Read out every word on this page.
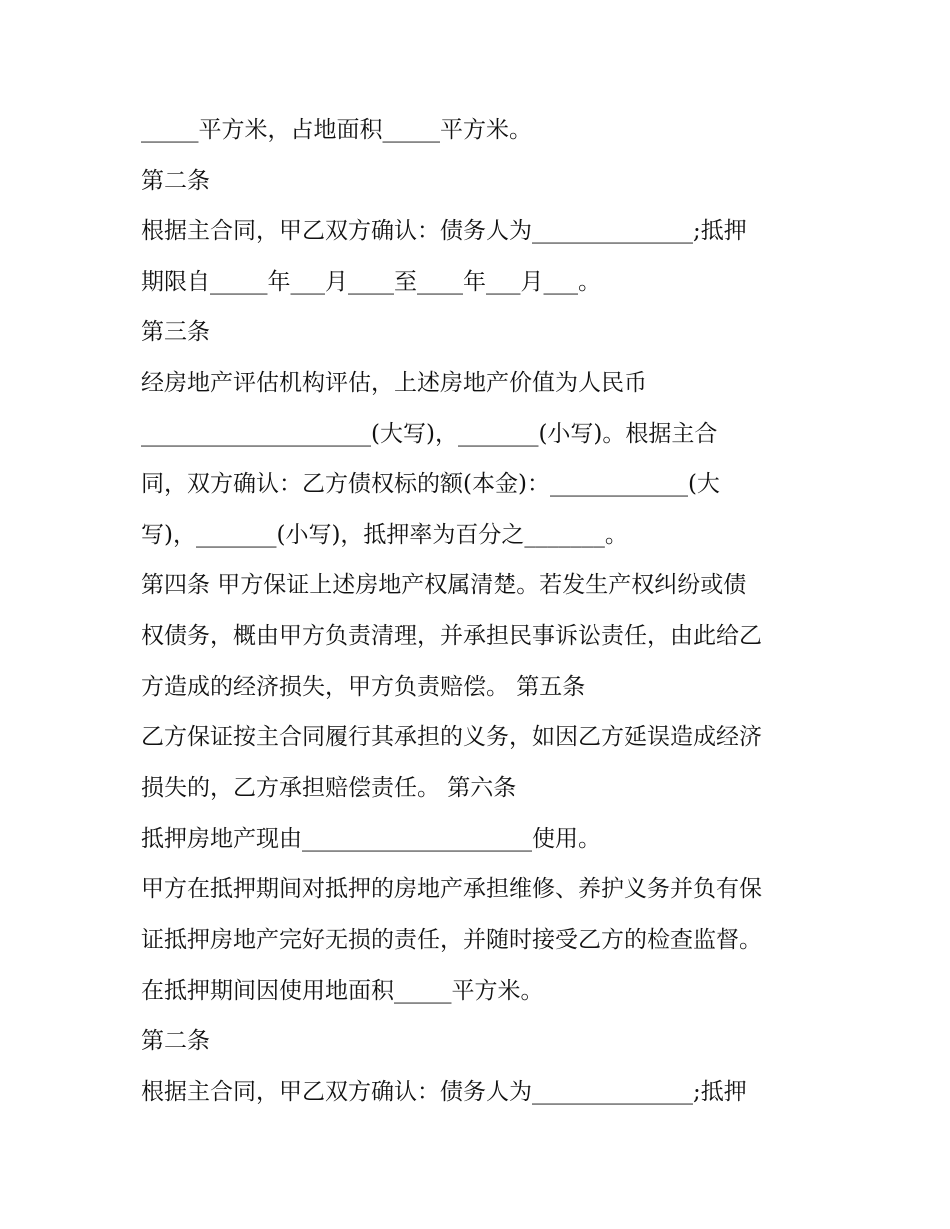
_____平方米，占地面积_____平方米。
第二条
根据主合同，甲乙双方确认：债务人为______________;抵押
期限自_____年___月____至____年___月___。
第三条
经房地产评估机构评估，上述房地产价值为人民币
____________________(大写)，_______(小写)。根据主合
同，双方确认：乙方债权标的额(本金)：____________(大
写)，_______(小写)，抵押率为百分之_______。
第四条 甲方保证上述房地产权属清楚。若发生产权纠纷或债
权债务，概由甲方负责清理，并承担民事诉讼责任，由此给乙
方造成的经济损失，甲方负责赔偿。 第五条
乙方保证按主合同履行其承担的义务，如因乙方延误造成经济
损失的，乙方承担赔偿责任。 第六条
抵押房地产现由____________________使用。
甲方在抵押期间对抵押的房地产承担维修、养护义务并负有保
证抵押房地产完好无损的责任，并随时接受乙方的检查监督。
在抵押期间因使用地面积_____平方米。
第二条
根据主合同，甲乙双方确认：债务人为______________;抵押
